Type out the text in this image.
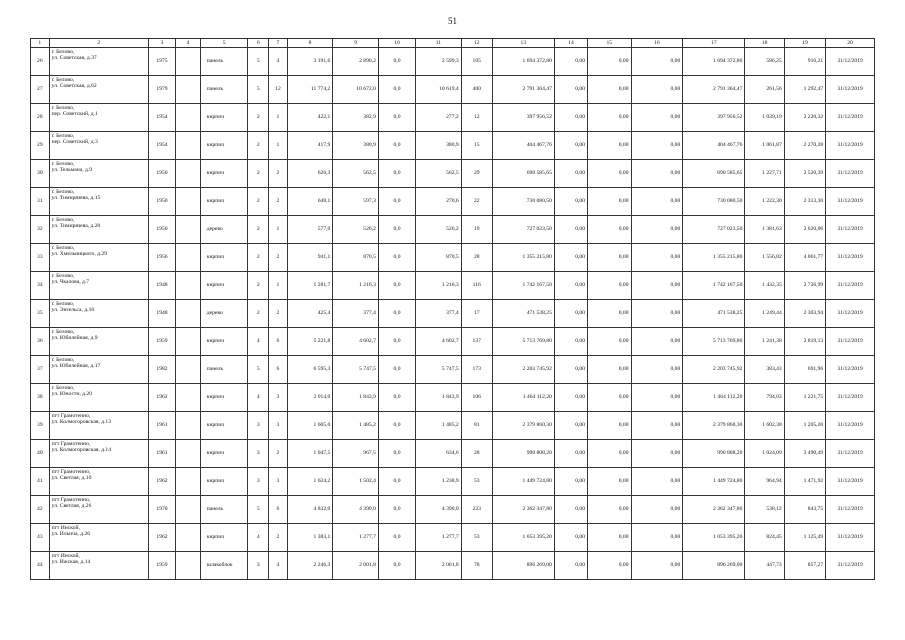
51
1	2	3	4	5	6	7	8	9	10	11	12	13	14	15	16	17	18	19	20
26	г. Белово,
ул. Советская, д.37	1975		панель	5	4	3 191,6	2 890,2	0,0	2 599,3	105	1 694 372,80	0,00	0,00	0,00	1 694 372,80	586,25	916,21	31/12/2019
27	г. Белово,
ул. Советская, д.62	1979		панель	5	12	11 774,2	10 672,0	0,0	10 619,4	400	2 791 364,47	0,00	0,00	0,00	2 791 364,47	261,56	1 292,47	31/12/2019
28	г. Белово,
пер. Советский, д.1	1954		кирпич	2	1	422,1	382,9	0,0	277,2	12	397 956,52	0,00	0,00	0,00	397 956,52	1 039,19	2 220,32	31/12/2019
29	г. Белово,
пер. Советский, д.3	1954		кирпич	2	1	417,9	380,9	0,0	380,9	15	404 467,76	0,00	0,00	0,00	404 467,76	1 061,87	2 270,28	31/12/2019
30	г. Белово,
ул. Тельмана, д.9	1950		кирпич	2	2	626,3	562,5	0,0	562,5	29	690 585,65	0,00	0,00	0,00	690 585,65	1 227,71	2 520,39	31/12/2019
31	г. Белово,
ул. Тимирязева, д.15	1950		кирпич	2	2	648,1	597,3	0,0	270,6	22	730 080,50	0,00	0,00	0,00	730 080,50	1 222,30	2 313,30	31/12/2019
32	г. Белово,
ул. Тимирязева, д.20	1950		дерево	2	1	577,0	526,2	0,0	526,2	19	727 023,50	0,00	0,00	0,00	727 023,50	1 381,63	2 620,06	31/12/2019
33	г. Белово,
ул. Хмельницкого, д.29	1956		кирпич	2	2	941,1	870,5	0,0	870,5	28	1 355 215,80	0,00	0,00	0,00	1 355 215,80	1 556,82	4 061,77	31/12/2019
34	г. Белово,
ул. Чкалова, д.7	1948		кирпич	2	1	1 281,7	1 216,3	0,0	1 216,3	116	1 742 167,50	0,00	0,00	0,00	1 742 167,50	1 432,35	2 736,99	31/12/2019
35	г. Белово,
ул. Энгельса, д.16	1948		дерево	2	2	425,4	377,4	0,0	377,4	17	471 538,25	0,00	0,00	0,00	471 538,25	1 249,44	2 303,94	31/12/2019
36	г. Белово,
ул. Юбилейная, д.9	1959		кирпич	4	6	5 221,8	4 602,7	0,0	4 602,7	137	5 713 769,80	0,00	0,00	0,00	5 713 769,80	1 241,38	2 819,13	31/12/2019
37	г. Белово,
ул. Юбилейная, д.17	1982		панель	5	6	6 595,3	5 747,5	0,0	5 747,5	173	2 203 745,92	0,00	0,00	0,00	2 203 745,92	383,43	691,96	31/12/2019
38	г. Белово,
ул. Юности, д.20	1962		кирпич	4	3	2 014,0	1 843,9	0,0	1 843,9	106	1 464 112,20	0,00	0,00	0,00	1 464 112,20	794,03	1 221,75	31/12/2019
39	пгт Грамотеино,
ул. Колмогоровская, д.13	1961		кирпич	3	3	1 605,0	1 485,2	0,0	1 485,2	81	2 379 860,30	0,00	0,00	0,00	2 379 860,30	1 602,38	1 205,20	31/12/2019
40	пгт Грамотеино,
ул. Колмогоровская, д.14	1961		кирпич	3	2	1 047,5	967,5	0,0	634,6	28	990 808,20	0,00	0,00	0,00	990 808,20	1 024,09	3 490,49	31/12/2019
41	пгт Грамотеино,
ул. Светлая, д.10	1962		кирпич	3	3	1 624,2	1 502,4	0,0	1 238,9	53	1 449 724,80	0,00	0,00	0,00	1 449 724,80	964,94	1 471,92	31/12/2019
42	пгт Грамотеино,
ул. Светлая, д.26	1970		панель	5	6	4 832,0	4 390,0	0,0	4 390,0	223	2 362 347,80	0,00	0,00	0,00	2 362 347,80	538,12	843,75	31/12/2019
43	пгт Инской,
ул. Ильича, д.26	1962		кирпич	4	2	1 383,1	1 277,7	0,0	1 277,7	53	1 053 395,20	0,00	0,00	0,00	1 053 395,20	824,45	1 125,49	31/12/2019
44	пгт Инской,
ул. Ижская, д.14	1959		шлакоблок	3	4	2 246,3	2 001,8	0,0	2 001,8	78	896 269,00	0,00	0,00	0,00	896 269,00	447,73	857,27	31/12/2019
